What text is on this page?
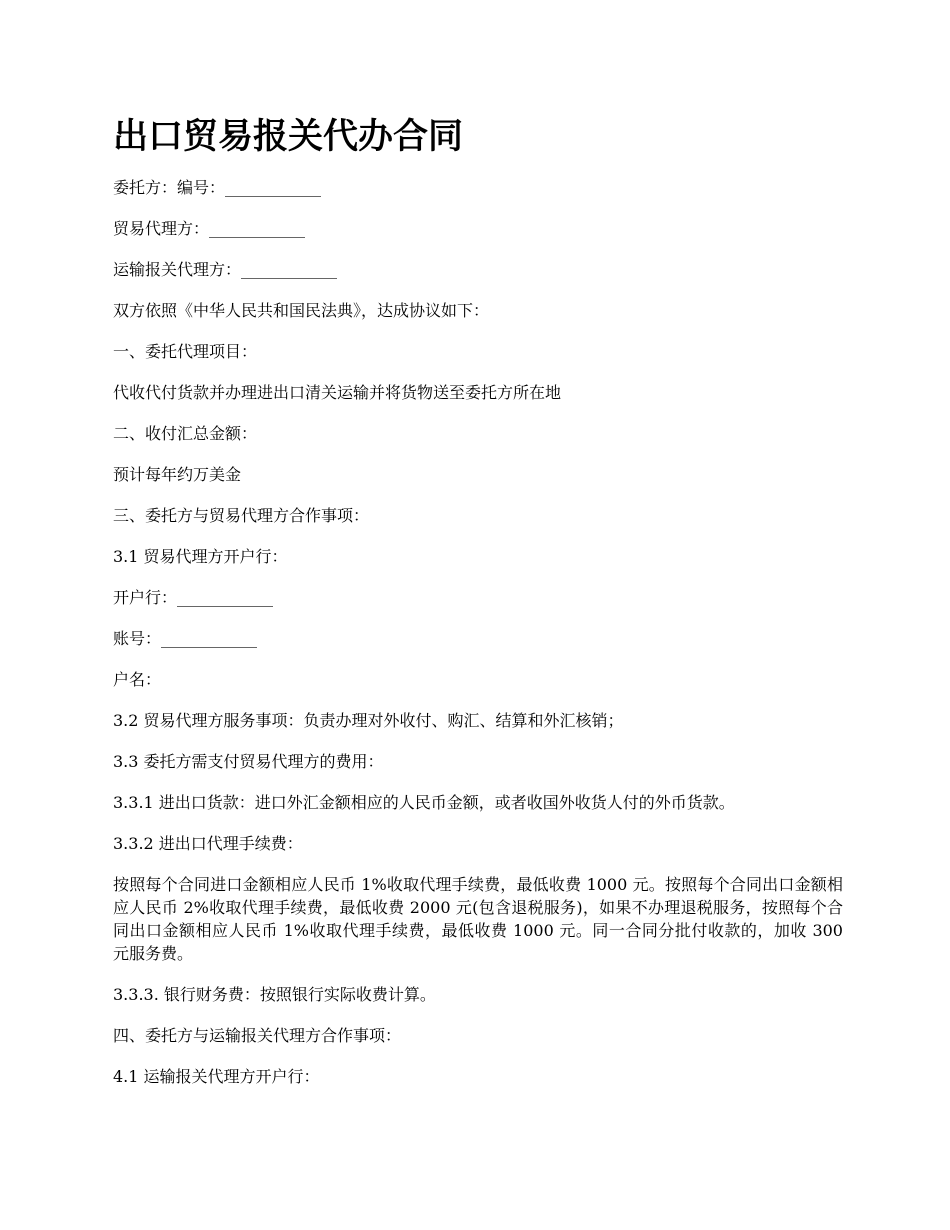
出口贸易报关代办合同

委托方：编号：____________

贸易代理方：____________

运输报关代理方：____________

双方依照《中华人民共和国民法典》，达成协议如下：

一、委托代理项目：

代收代付货款并办理进出口清关运输并将货物送至委托方所在地

二、收付汇总金额：

预计每年约万美金

三、委托方与贸易代理方合作事项：

3.1 贸易代理方开户行：

开户行：____________

账号：____________

户名：

3.2 贸易代理方服务事项：负责办理对外收付、购汇、结算和外汇核销；

3.3 委托方需支付贸易代理方的费用：

3.3.1 进出口货款：进口外汇金额相应的人民币金额，或者收国外收货人付的外币货款。

3.3.2 进出口代理手续费：

按照每个合同进口金额相应人民币 1%收取代理手续费，最低收费 1000 元。按照每个合同出口金额相应人民币 2%收取代理手续费，最低收费 2000 元(包含退税服务)，如果不办理退税服务，按照每个合同出口金额相应人民币 1%收取代理手续费，最低收费 1000 元。同一合同分批付收款的，加收 300 元服务费。

3.3.3. 银行财务费：按照银行实际收费计算。

四、委托方与运输报关代理方合作事项：

4.1 运输报关代理方开户行：
